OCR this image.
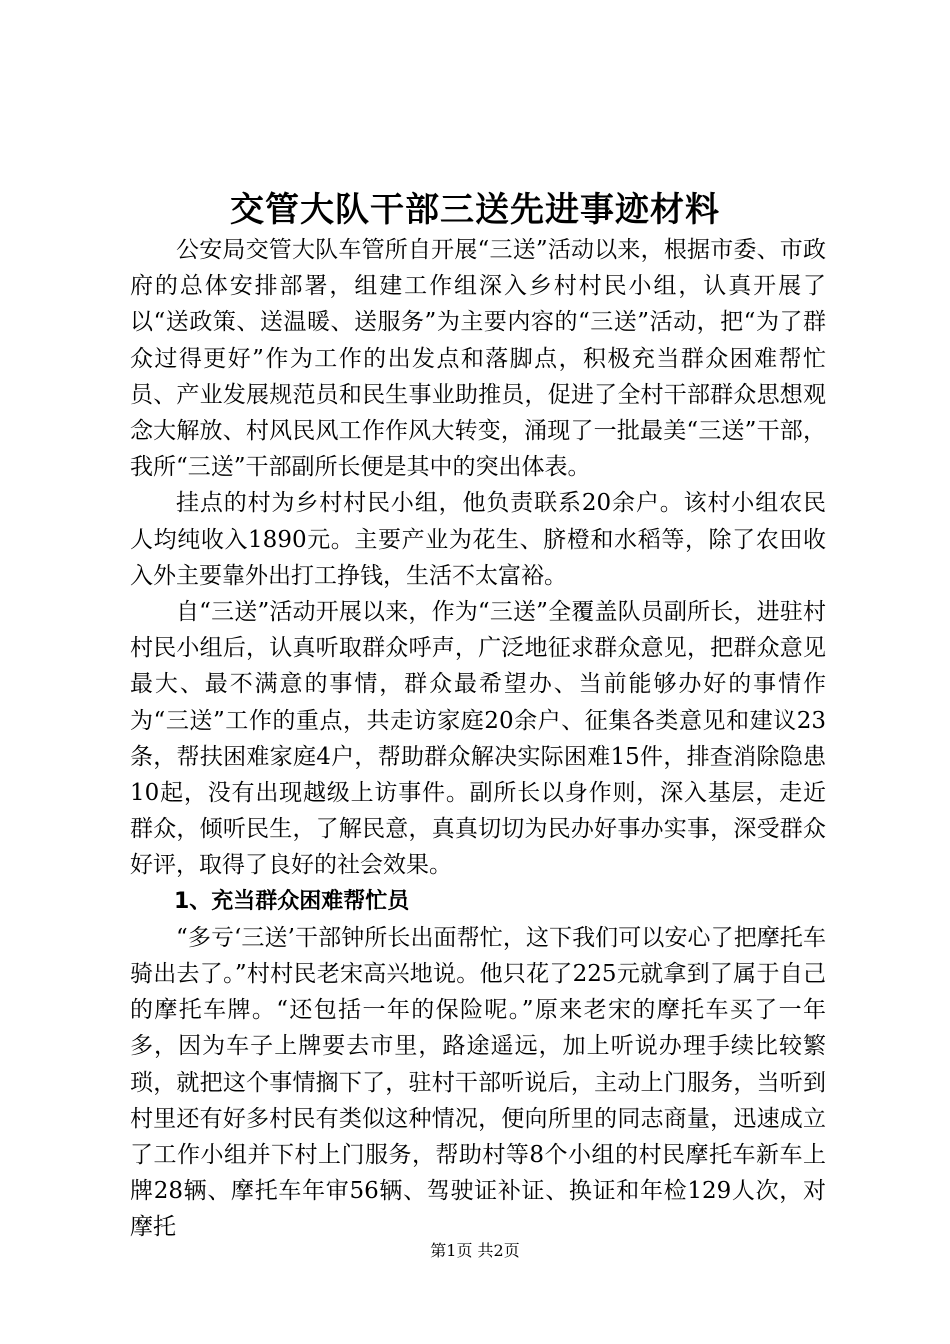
交管大队干部三送先进事迹材料

公安局交管大队车管所自开展“三送”活动以来，根据市委、市政府的总体安排部署，组建工作组深入乡村村民小组，认真开展了以“送政策、送温暖、送服务”为主要内容的“三送”活动，把“为了群众过得更好”作为工作的出发点和落脚点，积极充当群众困难帮忙员、产业发展规范员和民生事业助推员，促进了全村干部群众思想观念大解放、村风民风工作作风大转变，涌现了一批最美“三送”干部，我所“三送”干部副所长便是其中的突出体表。

挂点的村为乡村村民小组，他负责联系20余户。该村小组农民人均纯收入1890元。主要产业为花生、脐橙和水稻等，除了农田收入外主要靠外出打工挣钱，生活不太富裕。

自“三送”活动开展以来，作为“三送”全覆盖队员副所长，进驻村村民小组后，认真听取群众呼声，广泛地征求群众意见，把群众意见最大、最不满意的事情，群众最希望办、当前能够办好的事情作为“三送”工作的重点，共走访家庭20余户、征集各类意见和建议23条，帮扶困难家庭4户，帮助群众解决实际困难15件，排查消除隐患10起，没有出现越级上访事件。副所长以身作则，深入基层，走近群众，倾听民生，了解民意，真真切切为民办好事办实事，深受群众好评，取得了良好的社会效果。

1、充当群众困难帮忙员

“多亏‘三送’干部钟所长出面帮忙，这下我们可以安心了把摩托车骑出去了。”村村民老宋高兴地说。他只花了225元就拿到了属于自己的摩托车牌。“还包括一年的保险呢。”原来老宋的摩托车买了一年多，因为车子上牌要去市里，路途遥远，加上听说办理手续比较繁琐，就把这个事情搁下了，驻村干部听说后，主动上门服务，当听到村里还有好多村民有类似这种情况，便向所里的同志商量，迅速成立了工作小组并下村上门服务，帮助村等8个小组的村民摩托车新车上牌28辆、摩托车年审56辆、驾驶证补证、换证和年检129人次，对摩托

第1页 共2页
